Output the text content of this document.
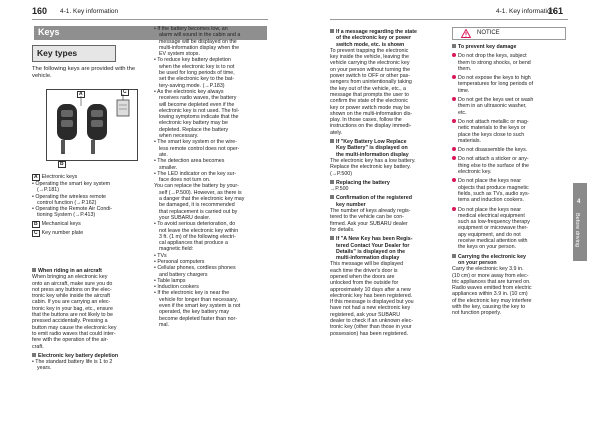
160 4-1. Key information
Keys
Key types
The following keys are provided with the vehicle.
A	C
B

A Electronic keys

• Operating the smart key system

(→P.181)

• Operating the wireless remote

control function (→P.162)

• Operating the Remote Air Condi-

tioning System (→P.413)

B Mechanical keys

C Key number plate

When riding in an aircraft

When bringing an electronic key

onto an aircraft, make sure you do

not press any buttons on the elec-

tronic key while inside the aircraft

cabin. If you are carrying an elec-

tronic key in your bag, etc., ensure

that the buttons are not likely to be

pressed accidentally. Pressing a

button may cause the electronic key

to emit radio waves that could inter-

fere with the operation of the air-

craft.

Electronic key battery depletion

• The standard battery life is 1 to 2

years.

• If the battery becomes low, an

alarm will sound in the cabin and a

message will be displayed on the

multi-information display when the

EV system stops.

• To reduce key battery depletion

when the electronic key is to not

be used for long periods of time,

set the electronic key to the bat-

tery-saving mode. (→P.183)

• As the electronic key always

receives radio waves, the battery

will become depleted even if the

electronic key is not used. The fol-

lowing symptoms indicate that the

electronic key battery may be

depleted. Replace the battery

when necessary.

• The smart key system or the wire-

less remote control does not oper-

ate.

• The detection area becomes

smaller.

• The LED indicator on the key sur-

face does not turn on.

You can replace the battery by your-

self (→P.500). However, as there is

a danger that the electronic key may

be damaged, it is recommended

that replacement is carried out by

your SUBARU dealer.

• To avoid serious deterioration, do

not leave the electronic key within

3 ft. (1 m) of the following electri-

cal appliances that produce a

magnetic field:

• TVs

• Personal computers

• Cellular phones, cordless phones

and battery chargers

• Table lamps

• Induction cookers

• If the electronic key is near the

vehicle for longer than necessary,

even if the smart key system is not

operated, the key battery may

become depleted faster than nor-

mal.

4-1. Key information
161

If a message regarding the state

of the electronic key or power

switch mode, etc. is shown

To prevent trapping the electronic

key inside the vehicle, leaving the

vehicle carrying the electronic key

on your person without turning the

power switch to OFF or other pas-

sengers from unintentionally taking

the key out of the vehicle, etc., a

message that prompts the user to

confirm the state of the electronic

key or power switch mode may be

shown on the multi-information dis-

play. In those cases, follow the

instructions on the display immedi-

ately.

If "Key Battery Low Replace

Key Battery" is displayed on

the multi-information display

The electronic key has a low battery.

Replace the electronic key battery.

(→P.500)

Replacing the battery

→P.500

Confirmation of the registered

key number

The number of keys already regis-

tered to the vehicle can be con-

firmed. Ask your SUBARU dealer

for details.

If "A New Key has been Regis-

tered Contact Your Dealer for

Details" is displayed on the

multi-information display

This message will be displayed

each time the driver's door is

opened when the doors are

unlocked from the outside for

approximately 10 days after a new

electronic key has been registered.

If this message is displayed but you

have not had a new electronic key

registered, ask your SUBARU

dealer to check if an unknown elec-

tronic key (other than those in your

possession) has been registered.

NOTICE

To prevent key damage

Do not drop the keys, subject

them to strong shocks, or bend

them.

Do not expose the keys to high

temperatures for long periods of

time.

Do not get the keys wet or wash

them in an ultrasonic washer,

etc.

Do not attach metallic or mag-

netic materials to the keys or

place the keys close to such

materials.

Do not disassemble the keys.

Do not attach a sticker or any-

thing else to the surface of the

electronic key.

Do not place the keys near

objects that produce magnetic

fields, such as TVs, audio sys-

tems and induction cookers.

Do not place the keys near

medical electrical equipment

such as low-frequency therapy

equipment or microwave ther-

apy equipment, and do not

receive medical attention with

the keys on your person.

Carrying the electronic key

on your person

Carry the electronic key 3.9 in.

(10 cm) or more away from elec-

tric appliances that are turned on.

Radio waves emitted from electric

appliances within 3.9 in. (10 cm)

of the electronic key may interfere

with the key, causing the key to

not function properly.

4
Before driving
